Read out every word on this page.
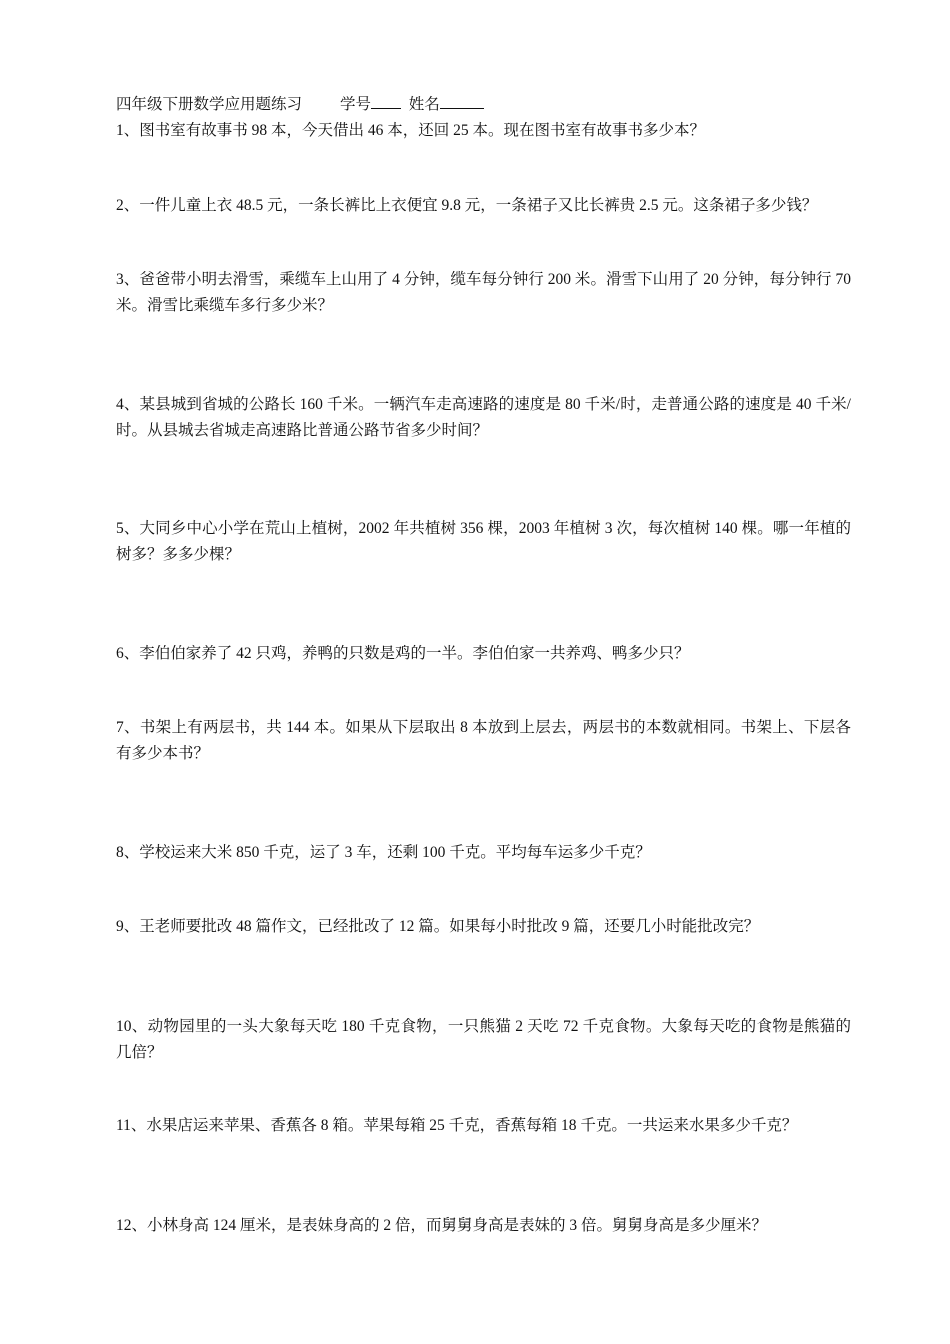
四年级下册数学应用题练习 学号 姓名

1、图书室有故事书 98 本，今天借出 46 本，还回 25 本。现在图书室有故事书多少本？

2、一件儿童上衣 48.5 元，一条长裤比上衣便宜 9.8 元，一条裙子又比长裤贵 2.5 元。这条裙子多少钱？

3、爸爸带小明去滑雪，乘缆车上山用了 4 分钟，缆车每分钟行 200 米。滑雪下山用了 20 分钟，每分钟行 70 米。滑雪比乘缆车多行多少米？

4、某县城到省城的公路长 160 千米。一辆汽车走高速路的速度是 80 千米/时，走普通公路的速度是 40 千米/时。从县城去省城走高速路比普通公路节省多少时间？

5、大同乡中心小学在荒山上植树，2002 年共植树 356 棵，2003 年植树 3 次，每次植树 140 棵。哪一年植的树多？多多少棵？

6、李伯伯家养了 42 只鸡，养鸭的只数是鸡的一半。李伯伯家一共养鸡、鸭多少只？

7、书架上有两层书，共 144 本。如果从下层取出 8 本放到上层去，两层书的本数就相同。书架上、下层各有多少本书？

8、学校运来大米 850 千克，运了 3 车，还剩 100 千克。平均每车运多少千克？

9、王老师要批改 48 篇作文，已经批改了 12 篇。如果每小时批改 9 篇，还要几小时能批改完？

10、动物园里的一头大象每天吃 180 千克食物，一只熊猫 2 天吃 72 千克食物。大象每天吃的食物是熊猫的几倍？

11、水果店运来苹果、香蕉各 8 箱。苹果每箱 25 千克，香蕉每箱 18 千克。一共运来水果多少千克？

12、小林身高 124 厘米，是表妹身高的 2 倍，而舅舅身高是表妹的 3 倍。舅舅身高是多少厘米？
